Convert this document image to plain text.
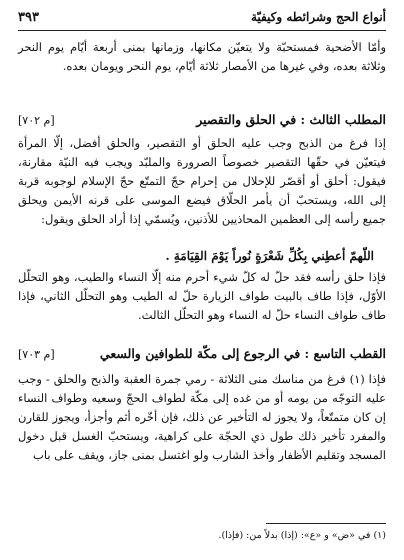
أنواع الحج وشرائطه وكيفيّة
٣٩٣
وأمّا الأضحية فمستحبّة ولا يتعيّن مكانها، وزمانها بمنى أربعة أيّام يوم النحر وثلاثة بعده، وفي غيرها من الأمصار ثلاثة أيّام، يوم النحر ويومان بعده.
المطلب الثالث : في الحلق والتقصير
[م ٧٠٢]
إذا فرغ من الذبح وجب عليه الحلق أو التقصير، والحلق أفضل، إلّا المرأة فيتعيّن في حقّها التقصير خصوصاً الصرورة والملبّد ويجب فيه النيّة مقارنة، فيقول: أحلق أو أقصّر للإحلال من إحرام حجّ التمتّع حجّ الإسلام لوجوبه قربة إلى الله، ويستحبّ أن يأمر الحلّاق فيضع الموسى على قرنه الأيمن ويحلق جميع رأسه إلى العظمين المحاذيين للأذنين، ويُسمّي إذا أراد الحلق ويقول:
اللّهمّ أعطِني بِكُلِّ شَعْرَةٍ نُوراً يَوْمَ القِيَامَةِ .
فإذا حلق رأسه فقد حلّ له كلّ شيء أحرم منه إلّا النساء والطيب، وهو التحلّل الأوّل، فإذا طاف بالبيت طواف الزيارة حلّ له الطيب وهو التحلّل الثاني، فإذا طاف طواف النساء حلّ له النساء وهو التحلّل الثالث.
القطب التاسع : في الرجوع إلى مكّة للطوافين والسعي
[م ٧٠٣]
فإذا (١) فرغ من مناسك منى الثلاثة - رمي جمرة العقبة والذبح والحلق - وجب عليه التوجّه من يومه أو من غده إلى مكّة لطواف الحجّ وسعيه وطواف النساء إن كان متمتّعاً، ولا يجوز له التأخير عن ذلك، فإن أخّره أثم وأجزأ، ويجوز للقارن والمفرد تأخير ذلك طول ذي الحجّة على كراهية، ويستحبّ الغسل قبل دخول المسجد وتقليم الأظفار وأخذ الشارب ولو اغتسل بمنى جاز، ويقف على باب
(١) في «ض» و «ع»: (إذا) بدلاً من: (فإذا).
